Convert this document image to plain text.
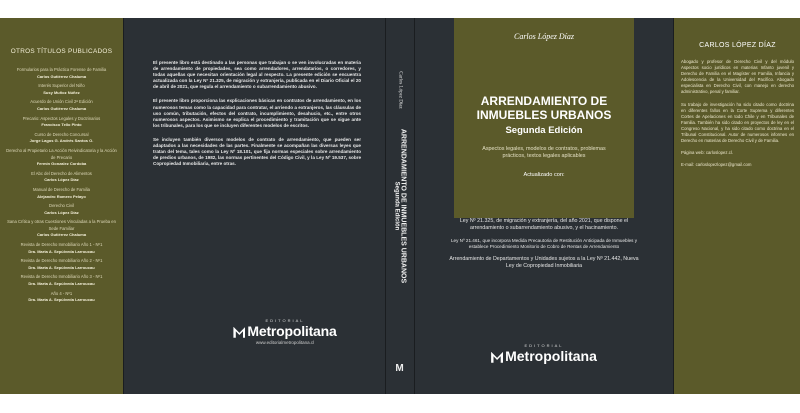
OTROS TÍTULOS PUBLICADOS
Formularios para la Práctica Forense de Familia
Carlos Gutiérrez Chaluma
Interés Superior del Niño
Susy Muñoz Núñez
Acuerdo de Unión Civil 2ª Edición
Carlos Gutiérrez Chaluma
Precario: Aspectos Legales y Doctrinarios
Francisco Tello Pinto
Curso de Derecho Concursal
Jorge Lagos G. Andrés Santos O.
Derecho al Propietario La Acción Reivindicatoria y la Acción de Precario
Fermín Gonzalez Cordoba
El Abc del Derecho de Alimentos
Carlos López Díaz
Manual de Derecho de Familia
Alejandro Romero Pelayo
Derecho Civil
Carlos López Díaz
Sana Crítica y otras Cuestiones Vinculadas a la Prueba en Sede Familiar
Carlos Gutiérrez Chaluma
Revista de Derecho Inmobiliario Año 1 - Nº1
Dra. Marta A. Sepúlveda Larroucau
Revista de Derecho Inmobiliario Año 2 - Nº1
Dra. Marta A. Sepúlveda Larroucau
Revista de Derecho Inmobiliario Año 3 - Nº1
Dra. Marta A. Sepúlveda Larroucau
Año 4 - Nº1
Dra. Marta A. Sepúlveda Larroucau

El presente libro está destinado a las personas que trabajan o se ven involucradas en materia de arrendamiento de propiedades, sea como arrendadores, arrendatarios, o corredores, y todas aquellas que necesitan orientación legal al respecto. La presente edición se encuentra actualizada con la Ley N° 21.325, de migración y extranjería, publicada en el Diario Oficial el 20 de abril de 2021, que regula el arrendamiento o subarrendamiento abusivo.

El presente libro proporciona las explicaciones básicas en contratos de arrendamiento, en los numerosos temas como la capacidad para contratar, el arriendo a extranjeros, las cláusulas de uso común, tributación, efectos del contrato, incumplimiento, desahucio, etc., entre otros numerosos aspectos. Asimismo se explica el procedimiento y tramitación que se sigue ante los tribunales, para los que se incluyen diferentes modelos de escritos.

Se incluyen también diversos modelos de contrato de arrendamiento, que pueden ser adaptados a las necesidades de las partes. Finalmente se acompañan las diversas leyes que tratan del tema, tales como la Ley Nº 18.101, que fija normas especiales sobre arrendamiento de predios urbanos, de 1982, las normas pertinentes del Código Civil, y la Ley Nº 19.537, sobre Copropiedad Inmobiliaria, entre otras.

EDITORIAL
Metropolitana
www.editorialmetropolitana.cl
Carlos López Díaz
ARRENDAMIENTO DE INMUEBLES URBANOS
Segunda Edición
M
Carlos López Díaz
ARRENDAMIENTO DE
INMUEBLES URBANOS
Segunda Edición
Aspectos legales, modelos de contratos, problemas prácticos, textos legales aplicables
Actualizado con:
Ley Nº 21.325, de migración y extranjería, del año 2021, que dispone el arrendamiento o subarrendamiento abusivo, y el hacinamiento.
Ley Nº 21.461, que incorpora Medida Precautoria de Restitución Anticipada de Inmuebles y establece Procedimiento Monitorio de Cobro de Rentas de Arrendamiento
Arrendamiento de Departamentos y Unidades sujetos a la Ley Nº 21.442, Nueva Ley de Copropiedad Inmobiliaria
EDITORIAL
Metropolitana
CARLOS LÓPEZ DÍAZ

Abogado y profesor de Derecho Civil y del módulo Aspectos socio jurídicos en materias Infanto juvenil y Derecho de Familia en el Magíster en Familia, Infancia y Adolescencia de la Universidad del Pacífico. Abogado especialista en Derecho Civil, con manejo en derecho administrativo, penal y familiar.

Su trabajo de investigación ha sido citado como doctrina en diferentes fallos en la Corte Suprema y diferentes Cortes de Apelaciones en todo Chile y en Tribunales de Familia. También ha sido citado en proyectos de ley en el Congreso Nacional, y ha sido citado como doctrina en el Tribunal Constitucional. Autor de numerosos informes en Derecho en materias de Derecho Civil y de Familia.

Página web: carloslopez.cl.

E-mail: carloslopezlopez@gmail.com
